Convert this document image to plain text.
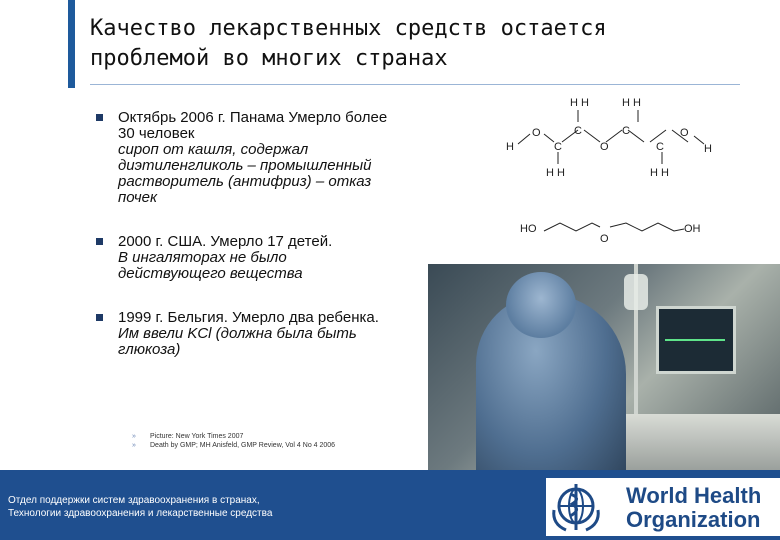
Качество лекарственных средств остается
проблемой во многих странах
Октябрь 2006 г. Панама Умерло более 30 человек
сироп от кашля, содержал диэтиленгликоль – промышленный растворитель (антифриз) – отказ почек
2000 г. США. Умерло 17 детей.
В ингаляторах не было действующего вещества
1999 г. Бельгия. Умерло два ребенка.
Им ввели KCl (должна была быть глюкоза)
» Picture: New York Times 2007
» Death by GMP; MH Anisfeld, GMP Review, Vol 4 No 4 2006
H
O
C
C
O
C
C
O
H
H H	H H
H H	H H
HO
O
OH
Отдел поддержки систем здравоохранения в странах,
Технологии здравоохранения и лекарственные средства
World Health
Organization
